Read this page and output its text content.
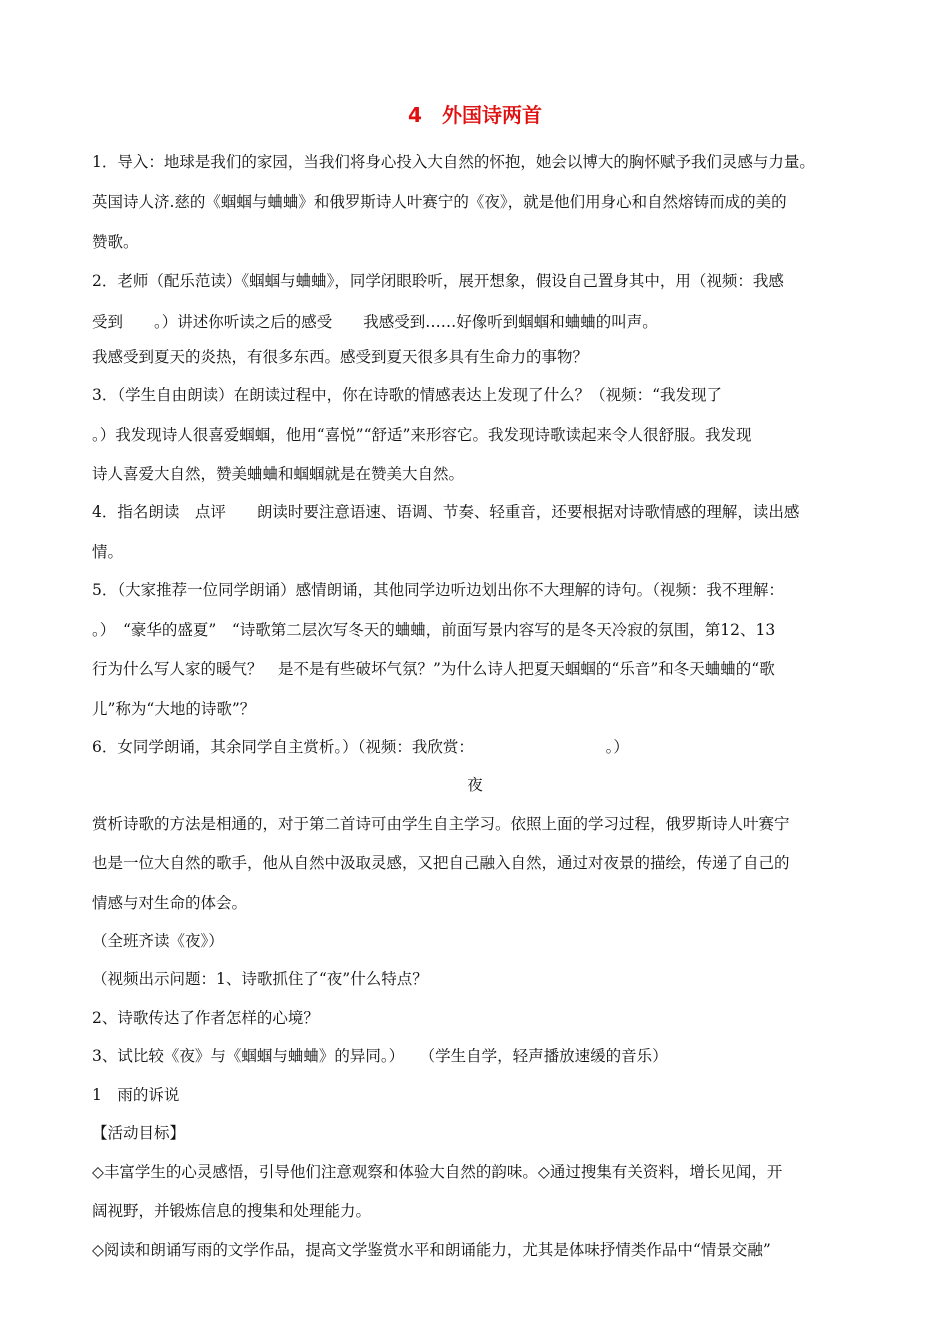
4　外国诗两首
1．导入：地球是我们的家园，当我们将身心投入大自然的怀抱，她会以博大的胸怀赋予我们灵感与力量。
英国诗人济.慈的《蝈蝈与蛐蛐》和俄罗斯诗人叶赛宁的《夜》，就是他们用身心和自然熔铸而成的美的
赞歌。
2．老师（配乐范读）《蝈蝈与蛐蛐》，同学闭眼聆听，展开想象，假设自己置身其中，用（视频：我感
受到　　。）讲述你听读之后的感受　　我感受到……好像听到蝈蝈和蛐蛐的叫声。
我感受到夏天的炎热，有很多东西。感受到夏天很多具有生命力的事物？
3．（学生自由朗读）在朗读过程中，你在诗歌的情感表达上发现了什么？（视频：“我发现了
。）我发现诗人很喜爱蝈蝈，他用“喜悦”“舒适”来形容它。我发现诗歌读起来令人很舒服。我发现
诗人喜爱大自然，赞美蛐蛐和蝈蝈就是在赞美大自然。
4．指名朗读　点评　　朗读时要注意语速、语调、节奏、轻重音，还要根据对诗歌情感的理解，读出感
情。
5．（大家推荐一位同学朗诵）感情朗诵，其他同学边听边划出你不大理解的诗句。（视频：我不理解：
。）　“豪华的盛夏”　“诗歌第二层次写冬天的蛐蛐，前面写景内容写的是冬天冷寂的氛围，第12、13
行为什么写人家的暖气？　是不是有些破坏气氛？”为什么诗人把夏天蝈蝈的“乐音”和冬天蛐蛐的“歌
儿”称为“大地的诗歌”？
6．女同学朗诵，其余同学自主赏析。）（视频：我欣赏：　　　　　　　　　。）
夜
赏析诗歌的方法是相通的，对于第二首诗可由学生自主学习。依照上面的学习过程，俄罗斯诗人叶赛宁
也是一位大自然的歌手，他从自然中汲取灵感，又把自己融入自然，通过对夜景的描绘，传递了自己的
情感与对生命的体会。
（全班齐读《夜》）
（视频出示问题：1、诗歌抓住了“夜”什么特点？
2、诗歌传达了作者怎样的心境？
3、试比较《夜》与《蝈蝈与蛐蛐》的异同。）　　（学生自学，轻声播放速缓的音乐）
1　雨的诉说
【活动目标】
◇丰富学生的心灵感悟，引导他们注意观察和体验大自然的韵味。◇通过搜集有关资料，增长见闻，开
阔视野，并锻炼信息的搜集和处理能力。
◇阅读和朗诵写雨的文学作品，提高文学鉴赏水平和朗诵能力，尤其是体味抒情类作品中“情景交融”
